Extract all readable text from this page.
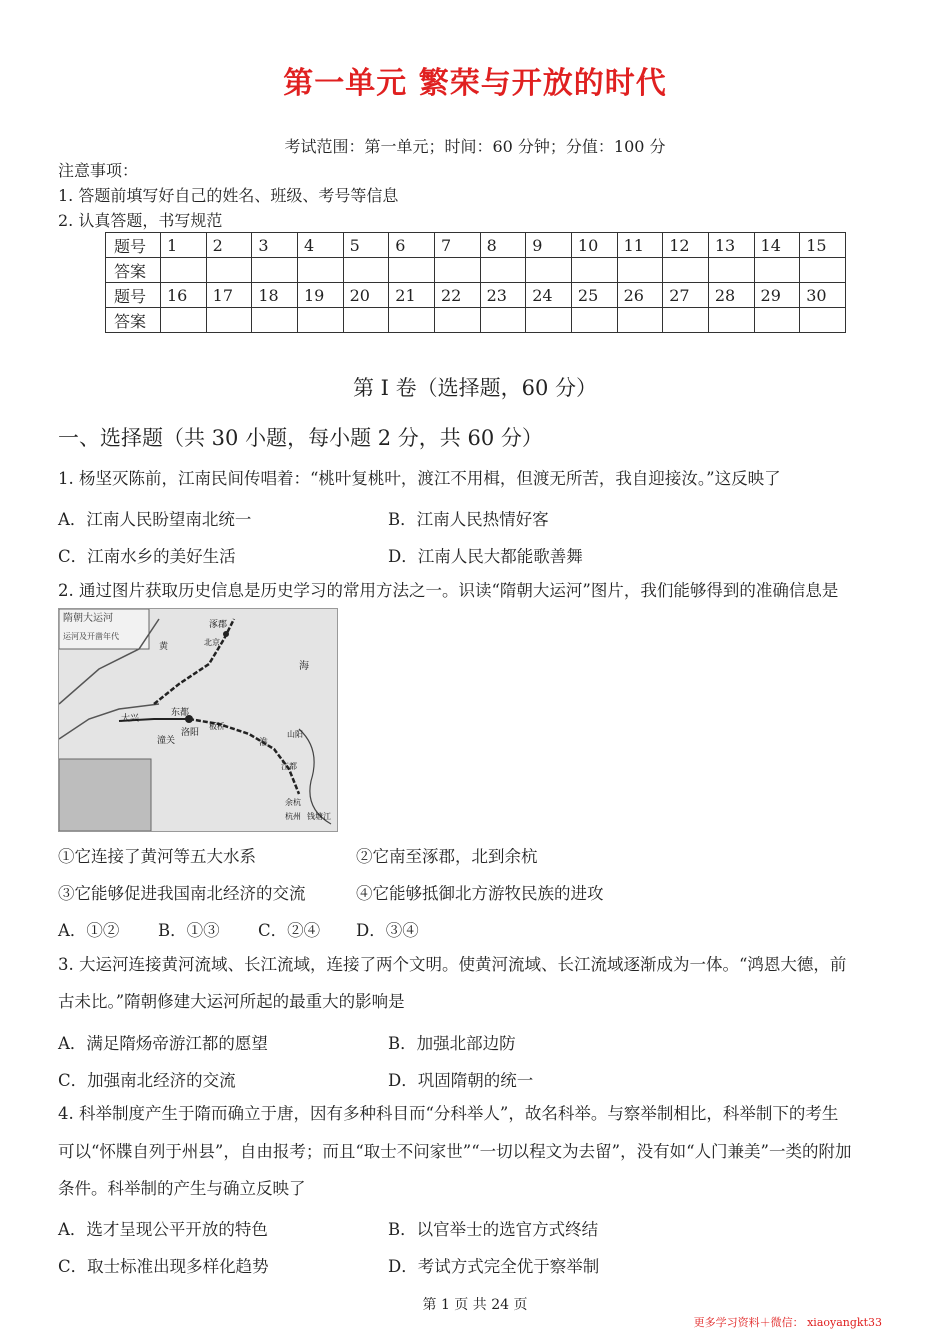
第一单元 繁荣与开放的时代
考试范围：第一单元；时间：60 分钟；分值：100 分
注意事项：
1. 答题前填写好自己的姓名、班级、考号等信息
2. 认真答题，书写规范
题号	1	2	3	4	5	6	7	8	9	10	11	12	13	14	15
答案															
题号	16	17	18	19	20	21	22	23	24	25	26	27	28	29	30
答案															
第 I 卷（选择题，60 分）
一、选择题（共 30 小题，每小题 2 分，共 60 分）
1. 杨坚灭陈前，江南民间传唱着：“桃叶复桃叶，渡江不用楫，但渡无所苦，我自迎接汝。”这反映了
A．江南人民盼望南北统一	B．江南人民热情好客
C．江南水乡的美好生活	D．江南人民大都能歌善舞
2. 通过图片获取历史信息是历史学习的常用方法之一。识读“隋朝大运河”图片，我们能够得到的准确信息是
隋朝大运河
运河及开凿年代
涿郡
北京
东都
洛阳
大兴
潼关
板桥
山阳
江都
余杭
杭州 钱塘江
黄
淮
海
①它连接了黄河等五大水系	②它南至涿郡，北到余杭
③它能够促进我国南北经济的交流	④它能够抵御北方游牧民族的进攻
A．①② B．①③ C．②④ D．③④
3. 大运河连接黄河流域、长江流域，连接了两个文明。使黄河流域、长江流域逐渐成为一体。“鸿恩大德，前
古未比。”隋朝修建大运河所起的最重大的影响是
A．满足隋炀帝游江都的愿望	B．加强北部边防
C．加强南北经济的交流	D．巩固隋朝的统一
4. 科举制度产生于隋而确立于唐，因有多种科目而“分科举人”，故名科举。与察举制相比，科举制下的考生
可以“怀牒自列于州县”，自由报考；而且“取士不问家世”“一切以程文为去留”，没有如“人门兼美”一类的附加
条件。科举制的产生与确立反映了
A．选才呈现公平开放的特色	B．以官举士的选官方式终结
C．取士标准出现多样化趋势	D．考试方式完全优于察举制
第 1 页 共 24 页
更多学习资料＋微信： xiaoyangkt33
